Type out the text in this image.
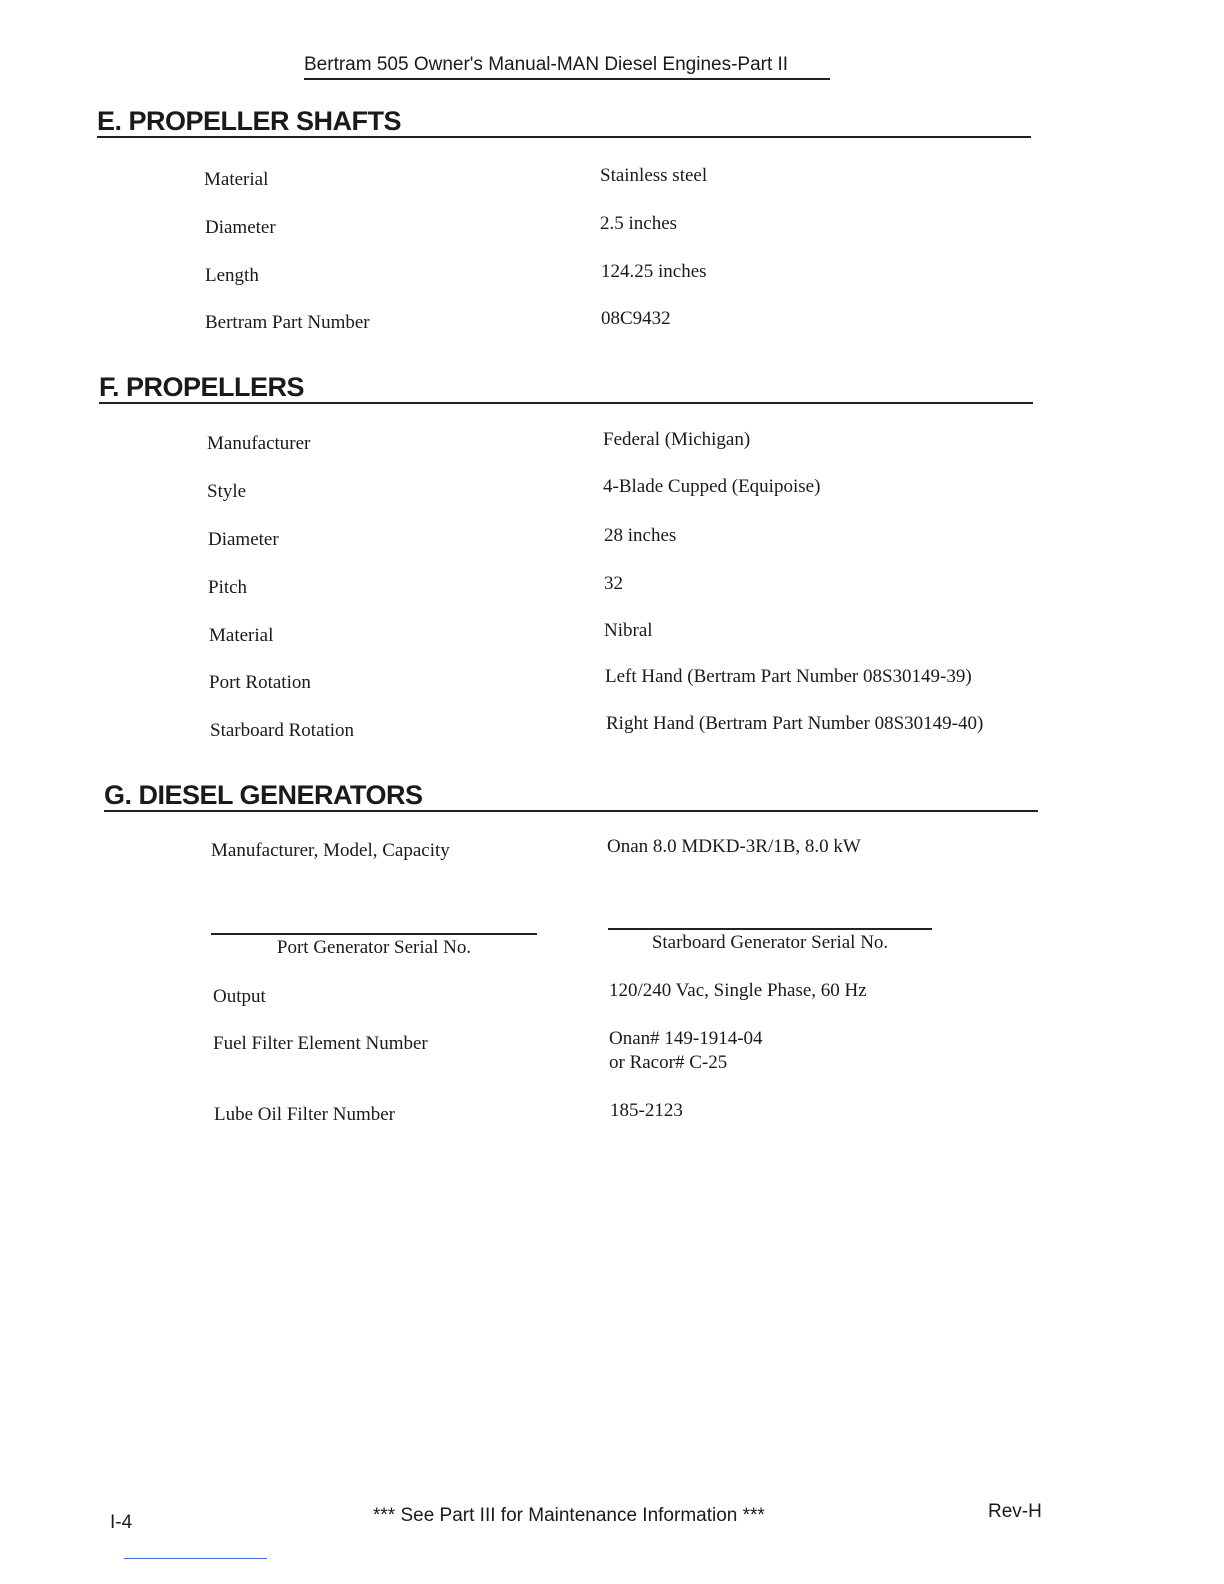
Bertram 505 Owner's Manual-MAN Diesel Engines-Part II
E. PROPELLER SHAFTS
Material	Stainless steel
Diameter	2.5 inches
Length	124.25 inches
Bertram Part Number	08C9432
F. PROPELLERS
Manufacturer	Federal (Michigan)
Style	4-Blade Cupped (Equipoise)
Diameter	28 inches
Pitch	32
Material	Nibral
Port Rotation	Left Hand (Bertram Part Number 08S30149-39)
Starboard Rotation	Right Hand (Bertram Part Number 08S30149-40)
G. DIESEL GENERATORS
Manufacturer, Model, Capacity	Onan 8.0 MDKD-3R/1B, 8.0 kW
Port Generator Serial No.	Starboard Generator Serial No.
Output	120/240 Vac, Single Phase, 60 Hz
Fuel Filter Element Number	Onan# 149-1914-04
or Racor# C-25
Lube Oil Filter Number	185-2123
I-4	*** See Part III for Maintenance Information ***	Rev-H
